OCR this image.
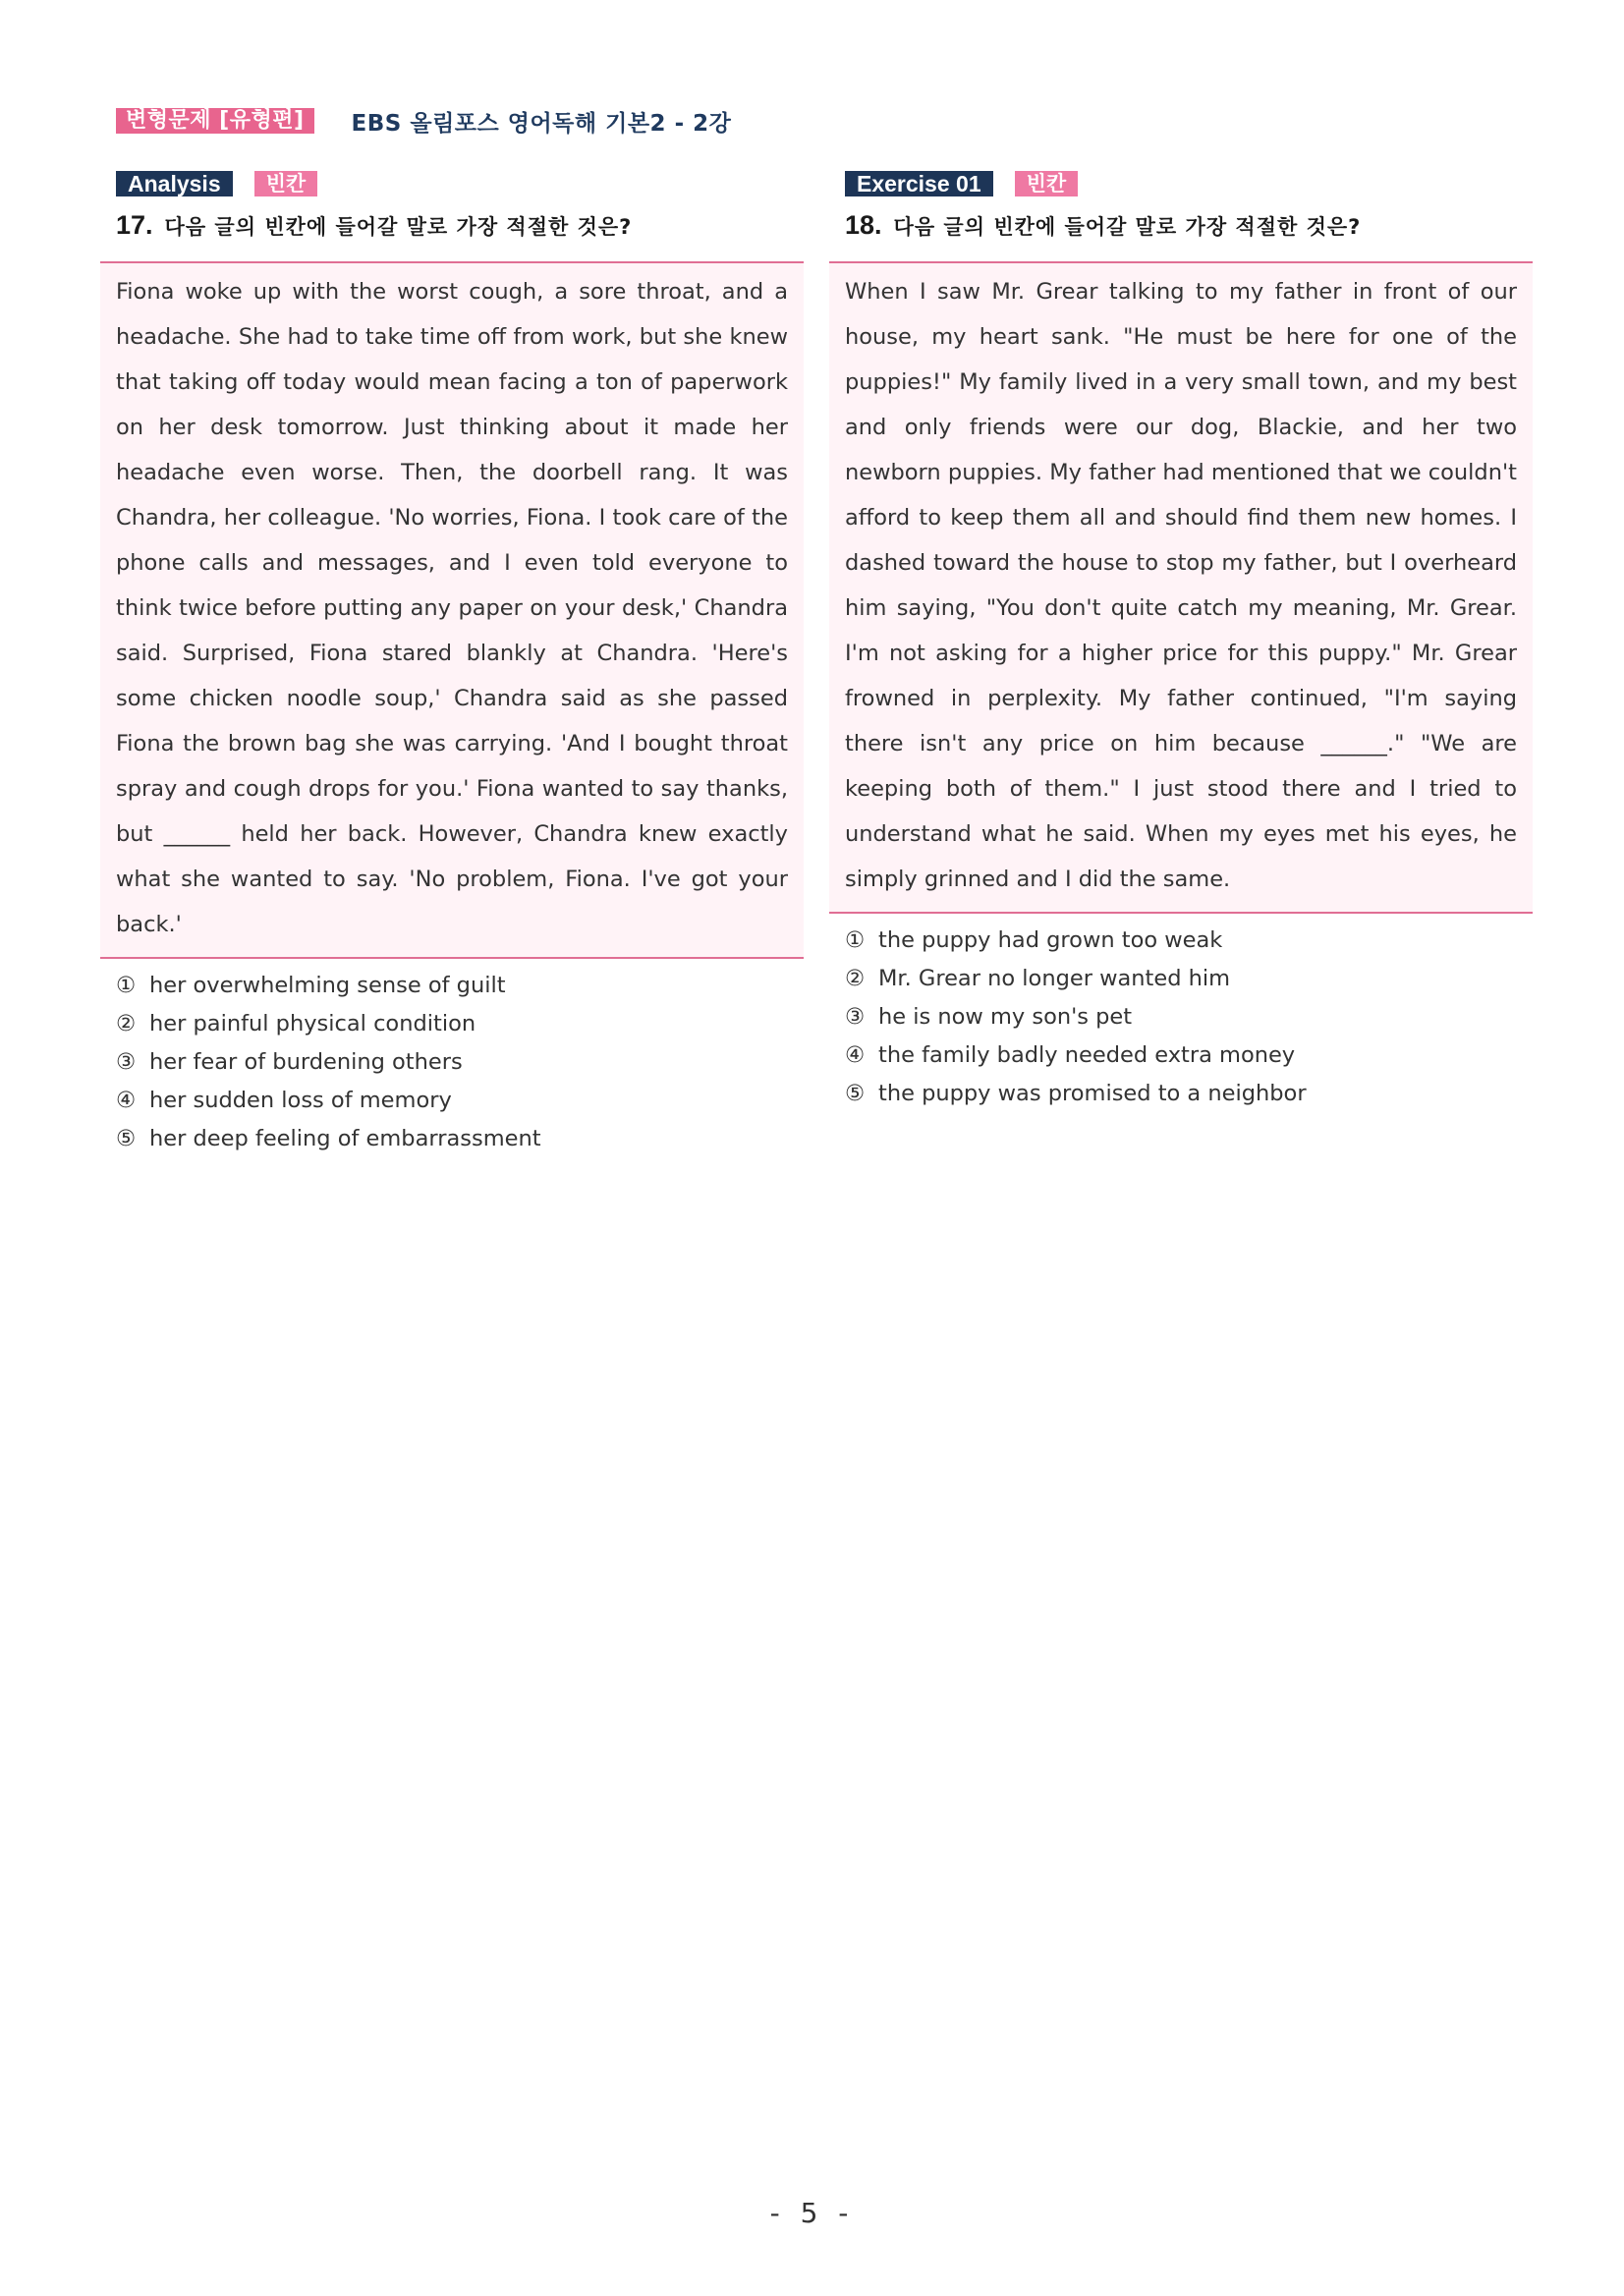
변형문제 [유형편]	EBS 올림포스 영어독해 기본2 - 2강
Analysis	빈칸
17. 다음 글의 빈칸에 들어갈 말로 가장 적절한 것은?
Fiona woke up with the worst cough, a sore throat, and a headache. She had to take time off from work, but she knew that taking off today would mean facing a ton of paperwork on her desk tomorrow. Just thinking about it made her headache even worse. Then, the doorbell rang. It was Chandra, her colleague. 'No worries, Fiona. I took care of the phone calls and messages, and I even told everyone to think twice before putting any paper on your desk,' Chandra said. Surprised, Fiona stared blankly at Chandra. 'Here's some chicken noodle soup,' Chandra said as she passed Fiona the brown bag she was carrying. 'And I bought throat spray and cough drops for you.' Fiona wanted to say thanks, but ______ held her back. However, Chandra knew exactly what she wanted to say. 'No problem, Fiona. I've got your back.'
① her overwhelming sense of guilt
② her painful physical condition
③ her fear of burdening others
④ her sudden loss of memory
⑤ her deep feeling of embarrassment
Exercise 01	빈칸
18. 다음 글의 빈칸에 들어갈 말로 가장 적절한 것은?
When I saw Mr. Grear talking to my father in front of our house, my heart sank. "He must be here for one of the puppies!" My family lived in a very small town, and my best and only friends were our dog, Blackie, and her two newborn puppies. My father had mentioned that we couldn't afford to keep them all and should find them new homes. I dashed toward the house to stop my father, but I overheard him saying, "You don't quite catch my meaning, Mr. Grear. I'm not asking for a higher price for this puppy." Mr. Grear frowned in perplexity. My father continued, "I'm saying there isn't any price on him because ______." "We are keeping both of them." I just stood there and I tried to understand what he said. When my eyes met his eyes, he simply grinned and I did the same.
① the puppy had grown too weak
② Mr. Grear no longer wanted him
③ he is now my son's pet
④ the family badly needed extra money
⑤ the puppy was promised to a neighbor
- 5 -
